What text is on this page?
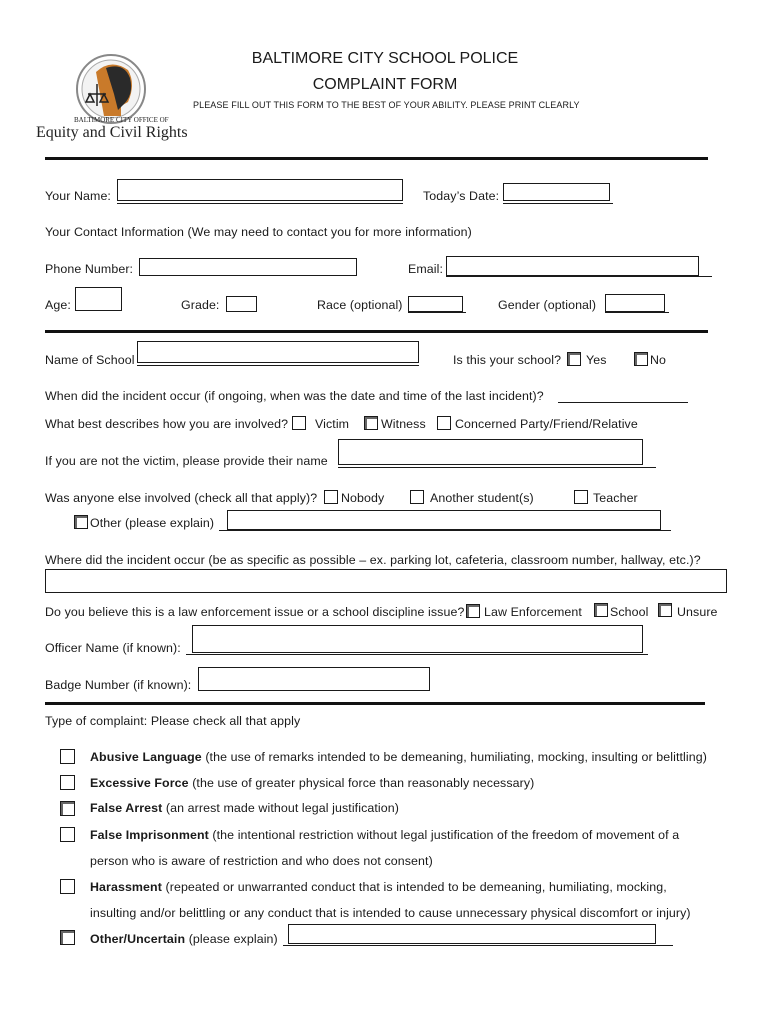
BALTIMORE CITY OFFICE OF
Equity and Civil Rights
BALTIMORE CITY SCHOOL POLICE
COMPLAINT FORM
PLEASE FILL OUT THIS FORM TO THE BEST OF YOUR ABILITY. PLEASE PRINT CLEARLY
Your Name:	Today’s Date:
Your Contact Information (We may need to contact you for more information)
Phone Number:	Email:
Age:	Grade:	Race (optional)	Gender (optional)
Name of School	Is this your school? Yes	No
When did the incident occur (if ongoing, when was the date and time of the last incident)?
What best describes how you are involved? Victim	Witness Concerned Party/Friend/Relative
If you are not the victim, please provide their name
Was anyone else involved (check all that apply)? Nobody	Another student(s)	Teacher
Other (please explain)
Where did the incident occur (be as specific as possible – ex. parking lot, cafeteria, classroom number, hallway, etc.)?
Do you believe this is a law enforcement issue or a school discipline issue? Law Enforcement School Unsure
Officer Name (if known):
Badge Number (if known):
Type of complaint: Please check all that apply
Abusive Language (the use of remarks intended to be demeaning, humiliating, mocking, insulting or belittling)
Excessive Force (the use of greater physical force than reasonably necessary)
False Arrest (an arrest made without legal justification)
False Imprisonment (the intentional restriction without legal justification of the freedom of movement of a
person who is aware of restriction and who does not consent)
Harassment (repeated or unwarranted conduct that is intended to be demeaning, humiliating, mocking,
insulting and/or belittling or any conduct that is intended to cause unnecessary physical discomfort or injury)
Other/Uncertain (please explain)
